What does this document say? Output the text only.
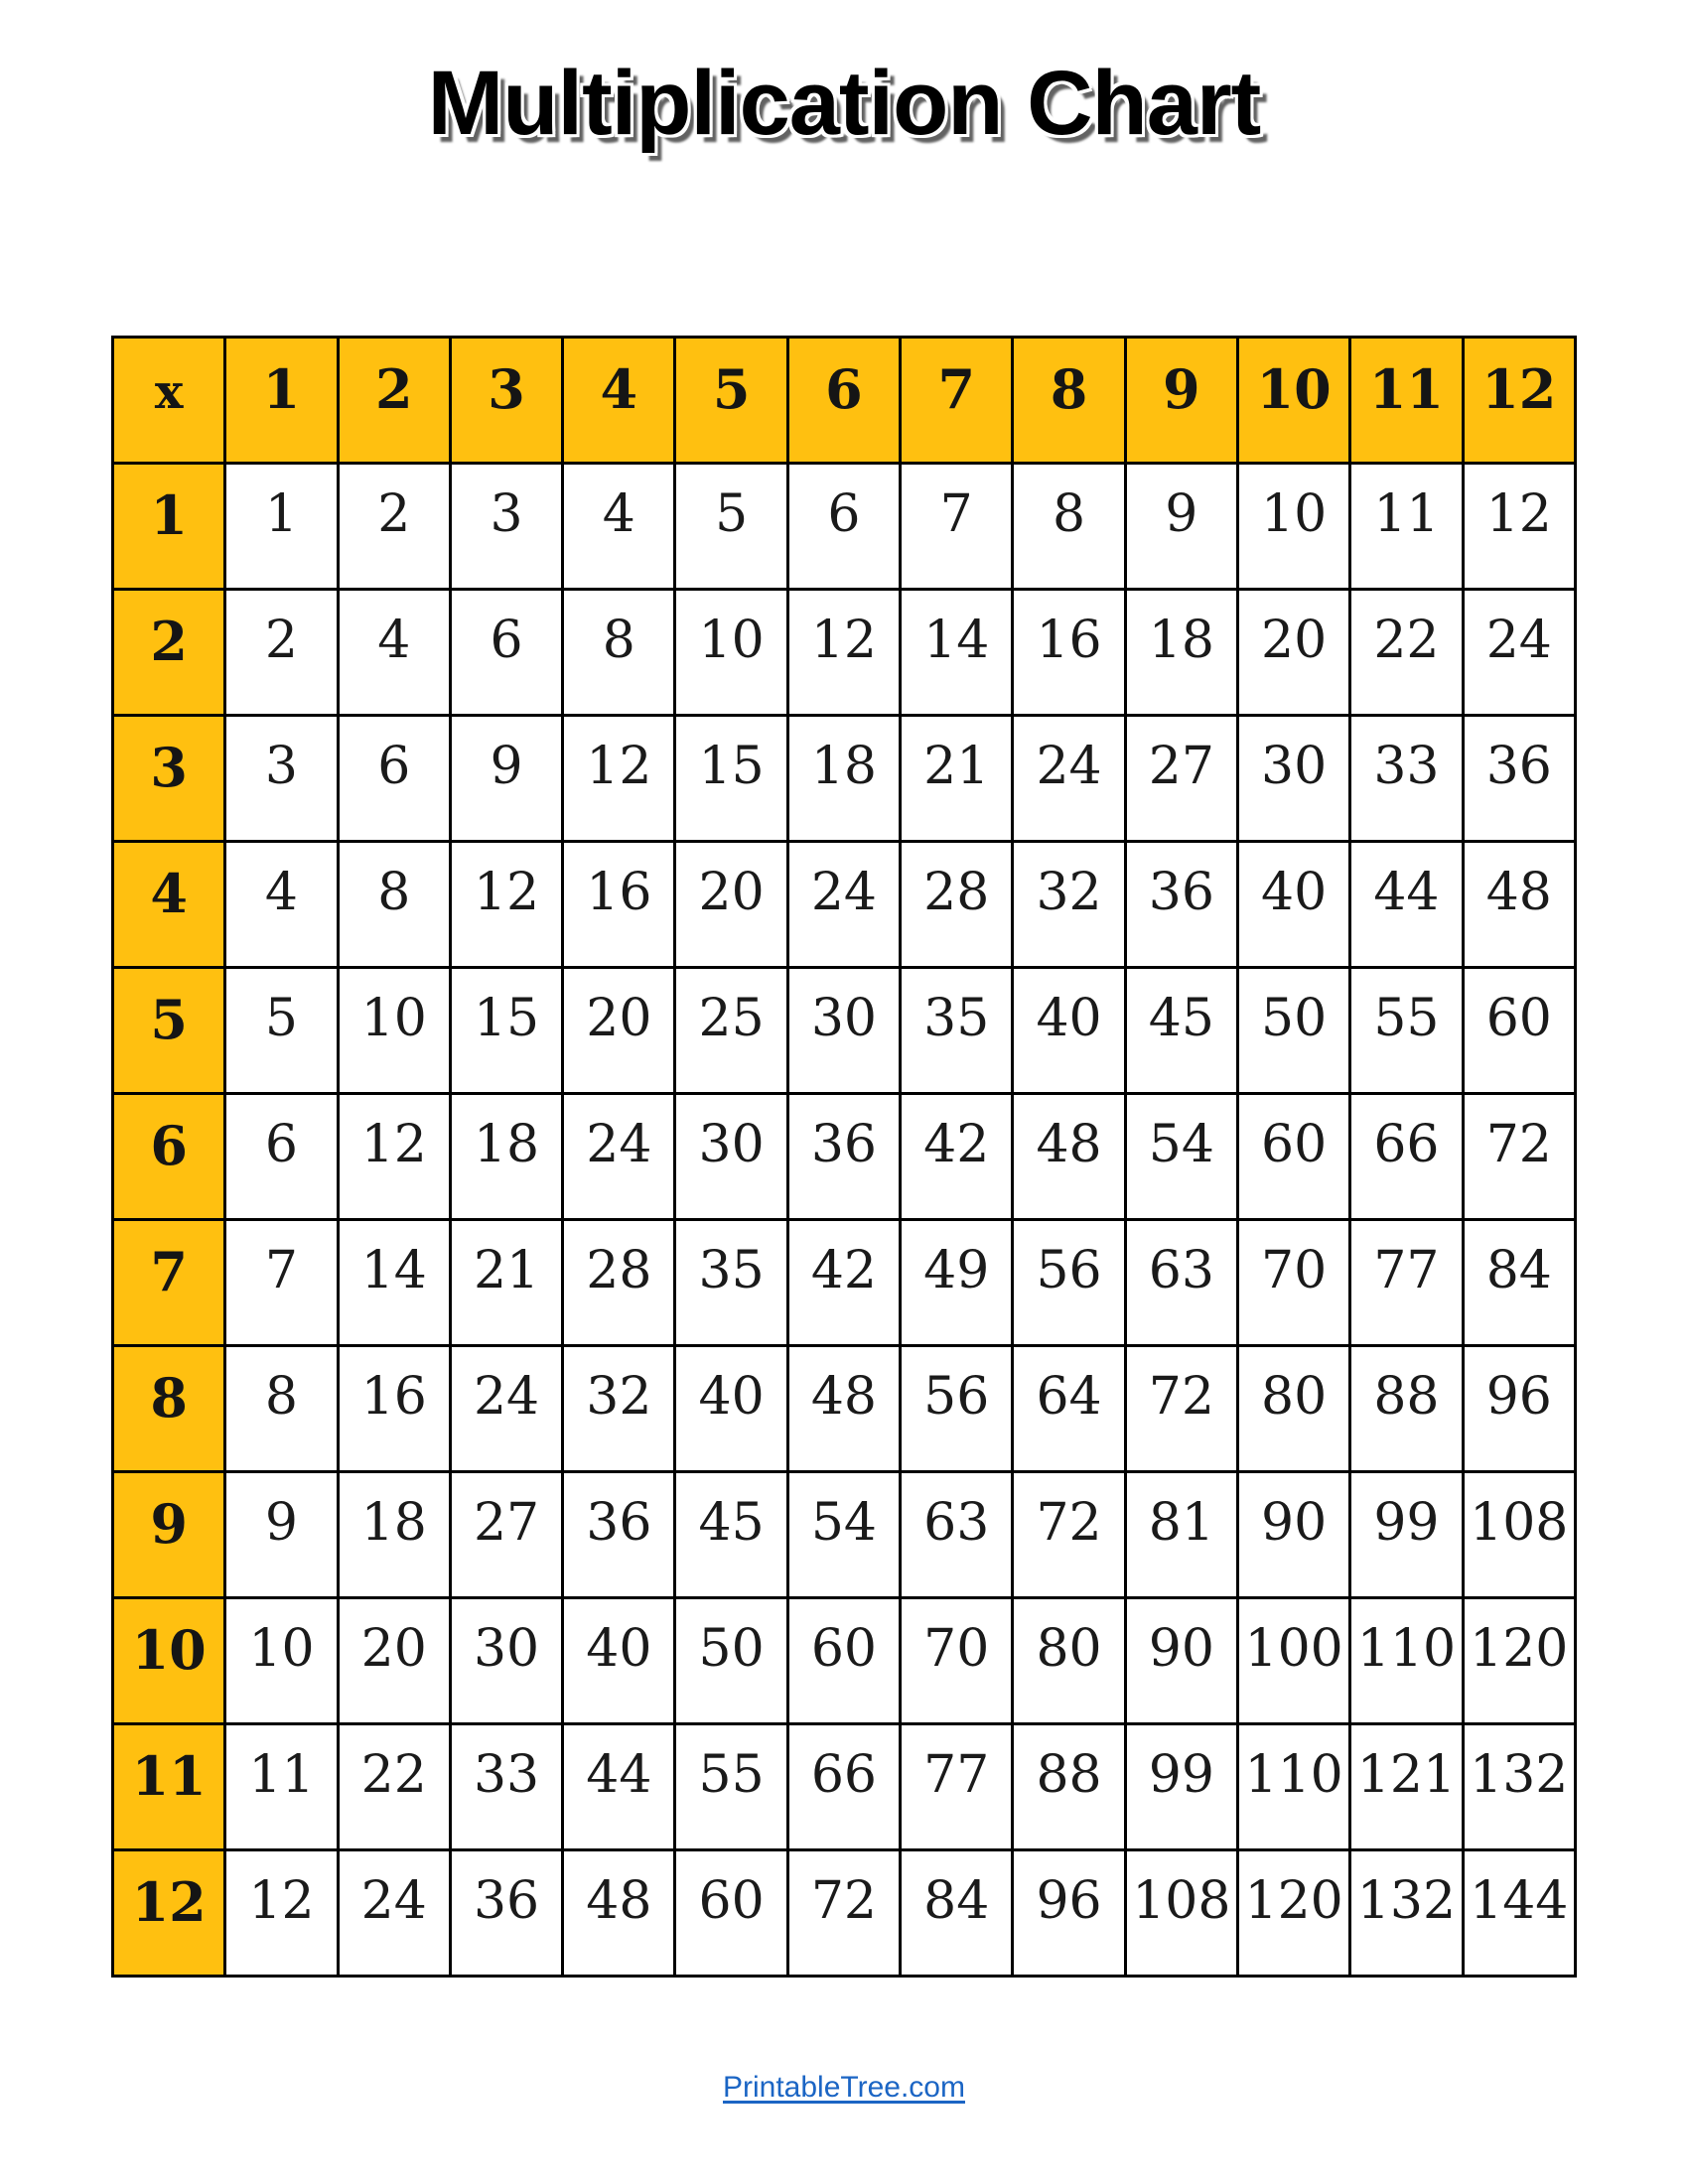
Multiplication Chart
x	1	2	3	4	5	6	7	8	9	10	11	12
1	1	2	3	4	5	6	7	8	9	10	11	12
2	2	4	6	8	10	12	14	16	18	20	22	24
3	3	6	9	12	15	18	21	24	27	30	33	36
4	4	8	12	16	20	24	28	32	36	40	44	48
5	5	10	15	20	25	30	35	40	45	50	55	60
6	6	12	18	24	30	36	42	48	54	60	66	72
7	7	14	21	28	35	42	49	56	63	70	77	84
8	8	16	24	32	40	48	56	64	72	80	88	96
9	9	18	27	36	45	54	63	72	81	90	99	108
10	10	20	30	40	50	60	70	80	90	100	110	120
11	11	22	33	44	55	66	77	88	99	110	121	132
12	12	24	36	48	60	72	84	96	108	120	132	144
PrintableTree.com
